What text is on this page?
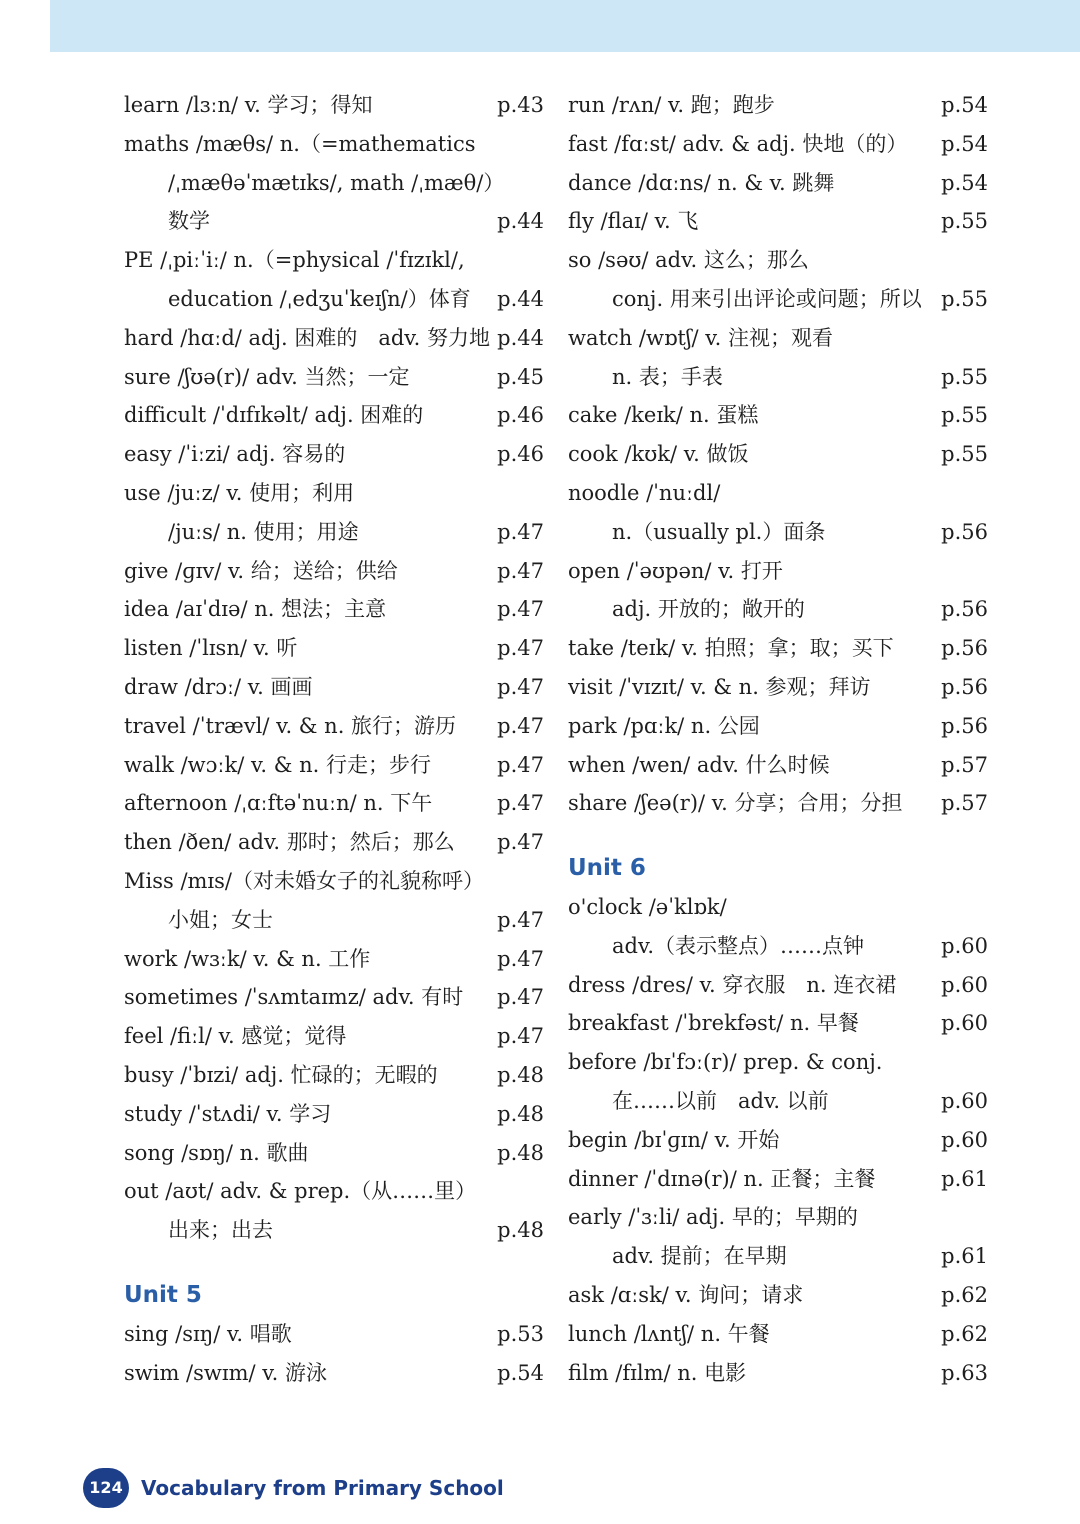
learn /lɜːn/ v. 学习；得知	p.43
maths /mæθs/ n.（=mathematics
/ˌmæθəˈmætɪks/, math /ˌmæθ/）
数学	p.44
PE /ˌpiːˈiː/ n.（=physical /ˈfɪzɪkl/,
education /ˌedʒuˈkeɪʃn/）体育 p.44
hard /hɑːd/ adj. 困难的　adv. 努力地 p.44
sure /ʃʊə(r)/ adv. 当然；一定	p.45
difficult /ˈdɪfɪkəlt/ adj. 困难的	p.46
easy /ˈiːzi/ adj. 容易的	p.46
use /juːz/ v. 使用；利用
/juːs/ n. 使用；用途	p.47
give /ɡɪv/ v. 给；送给；供给	p.47
idea /aɪˈdɪə/ n. 想法；主意	p.47
listen /ˈlɪsn/ v. 听	p.47
draw /drɔː/ v. 画画	p.47
travel /ˈtrævl/ v. & n. 旅行；游历 p.47
walk /wɔːk/ v. & n. 行走；步行	p.47
afternoon /ˌɑːftəˈnuːn/ n. 下午	p.47
then /ðen/ adv. 那时；然后；那么 p.47
Miss /mɪs/（对未婚女子的礼貌称呼）
小姐；女士	p.47
work /wɜːk/ v. & n. 工作	p.47
sometimes /ˈsʌmtaɪmz/ adv. 有时 p.47
feel /fiːl/ v. 感觉；觉得	p.47
busy /ˈbɪzi/ adj. 忙碌的；无暇的	p.48
study /ˈstʌdi/ v. 学习	p.48
song /sɒŋ/ n. 歌曲	p.48
out /aʊt/ adv. & prep.（从……里）
出来；出去	p.48
Unit 5
sing /sɪŋ/ v. 唱歌	p.53
swim /swɪm/ v. 游泳	p.54
run /rʌn/ v. 跑；跑步	p.54
fast /fɑːst/ adv. & adj. 快地（的） p.54
dance /dɑːns/ n. & v. 跳舞	p.54
fly /flaɪ/ v. 飞	p.55
so /səʊ/ adv. 这么；那么
conj. 用来引出评论或问题；所以 p.55
watch /wɒtʃ/ v. 注视；观看
n. 表；手表	p.55
cake /keɪk/ n. 蛋糕	p.55
cook /kʊk/ v. 做饭	p.55
noodle /ˈnuːdl/
n.（usually pl.）面条	p.56
open /ˈəʊpən/ v. 打开
adj. 开放的；敞开的	p.56
take /teɪk/ v. 拍照；拿；取；买下 p.56
visit /ˈvɪzɪt/ v. & n. 参观；拜访	p.56
park /pɑːk/ n. 公园	p.56
when /wen/ adv. 什么时候	p.57
share /ʃeə(r)/ v. 分享；合用；分担 p.57
Unit 6
o'clock /əˈklɒk/
adv.（表示整点）……点钟	p.60
dress /dres/ v. 穿衣服　n. 连衣裙 p.60
breakfast /ˈbrekfəst/ n. 早餐	p.60
before /bɪˈfɔː(r)/ prep. & conj.
在……以前　adv. 以前	p.60
begin /bɪˈɡɪn/ v. 开始	p.60
dinner /ˈdɪnə(r)/ n. 正餐；主餐	p.61
early /ˈɜːli/ adj. 早的；早期的
adv. 提前；在早期	p.61
ask /ɑːsk/ v. 询问；请求	p.62
lunch /lʌntʃ/ n. 午餐	p.62
film /fɪlm/ n. 电影	p.63
124 Vocabulary from Primary School
